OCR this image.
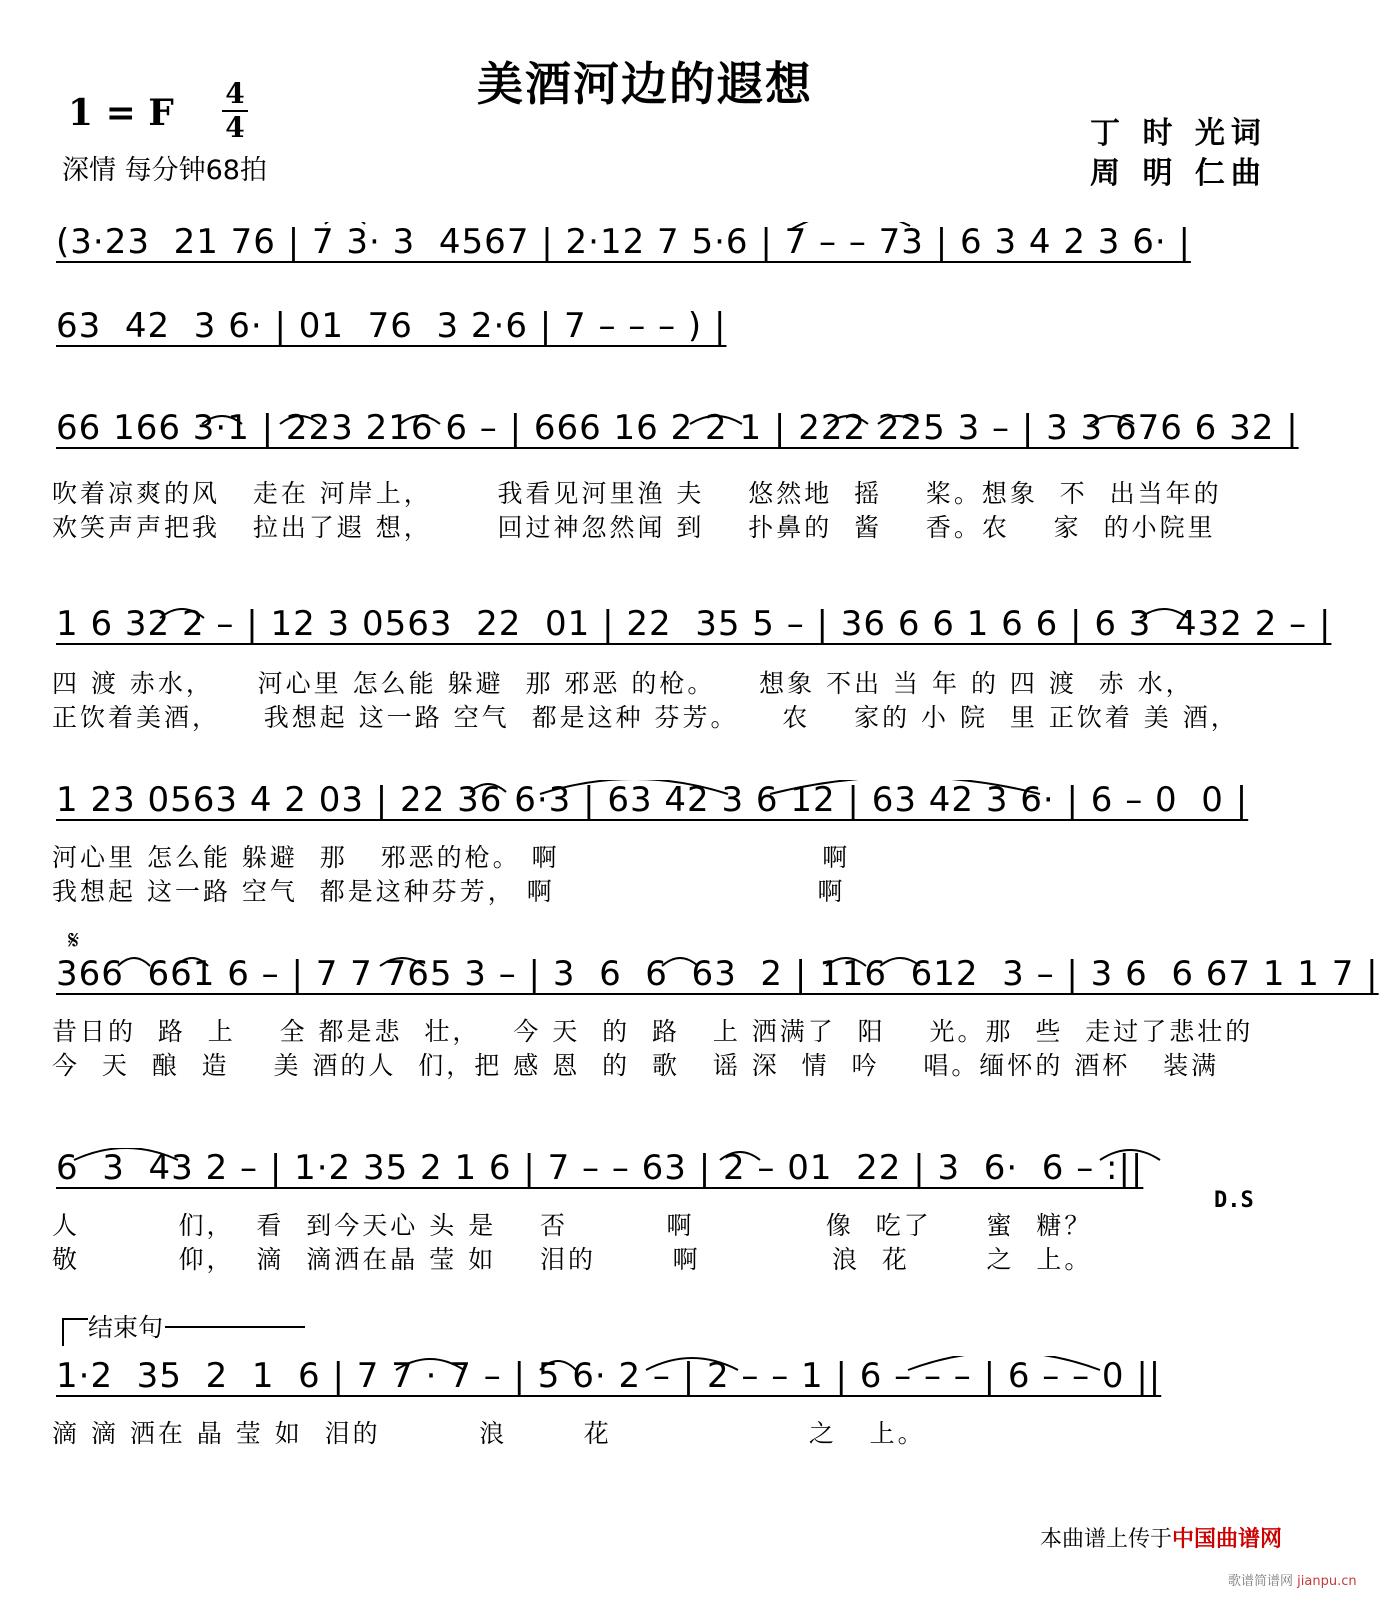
美酒河边的遐想
1 = F 4
4
深情 每分钟68拍
丁 时 光词
周 明 仁曲
(3·23  21 76 | 7 3· 3  4567 | 2·12 7 5·6 | 7 – – 73 | 6 3 4 2 3 6· |
63  42  3 6· | 01  76  3 2·6 | 7 – – – ) |
66 166 3·1 | 223 216 6 – | 666 16 2 2 1 | 222 225 3 – | 3 3 676 6 32 |
吹着凉爽的风   走在 河岸上，      我看见河里渔 夫    悠然地  摇    桨。想象  不  出当年的
欢笑声声把我   拉出了遐 想，      回过神忽然闻 到    扑鼻的  酱    香。农    家  的小院里
1 6 32 2 – | 12 3 0563  22  01 | 22  35 5 – | 36 6 6 1 6 6 | 6 3  432 2 – |
四 渡 赤水，    河心里 怎么能 躲避  那 邪恶 的枪。    想象 不出 当 年 的 四 渡  赤 水，
正饮着美酒，    我想起 这一路 空气  都是这种 芬芳。    农    家的 小 院  里 正饮着 美 酒，
1 23 0563 4 2 03 | 22 36 6·3 | 63 42 3 6 12 | 63 42 3 6· | 6 – 0  0 |
河心里 怎么能 躲避  那   邪恶的枪。 啊                        啊
我想起 这一路 空气  都是这种芬芳， 啊                        啊
𝄋
366  661 6 – | 7 7 765 3 – | 3  6  6  63  2 | 116  612  3 – | 3 6  6 67 1 1 7 |
昔日的  路  上    全 都是悲  壮，   今 天  的  路   上 洒满了  阳    光。那  些  走过了悲壮的
今  天  酿  造    美 酒的人  们，把 感 恩  的  歌   谣 深  情  吟    唱。缅怀的 酒杯   装满
6  3  43 2 – | 1·2 35 2 1 6 | 7 – – 63 | 2 – 01  22 | 3  6·  6 – :||
D.S
人         们，  看  到今天心 头 是    否         啊            像  吃了     蜜  糖？
敬         仰，  滴  滴洒在晶 莹 如    泪的       啊            浪  花       之  上。
结束句
1·2  35  2  1  6 | 7 7 · 7 – | 5 6· 2 – | 2 – – 1 | 6 – – – | 6 – – 0 ||
滴 滴 洒在 晶 莹 如  泪的         浪       花                  之   上。
本曲谱上传于中国曲谱网
歌谱简谱网 jianpu.cn
